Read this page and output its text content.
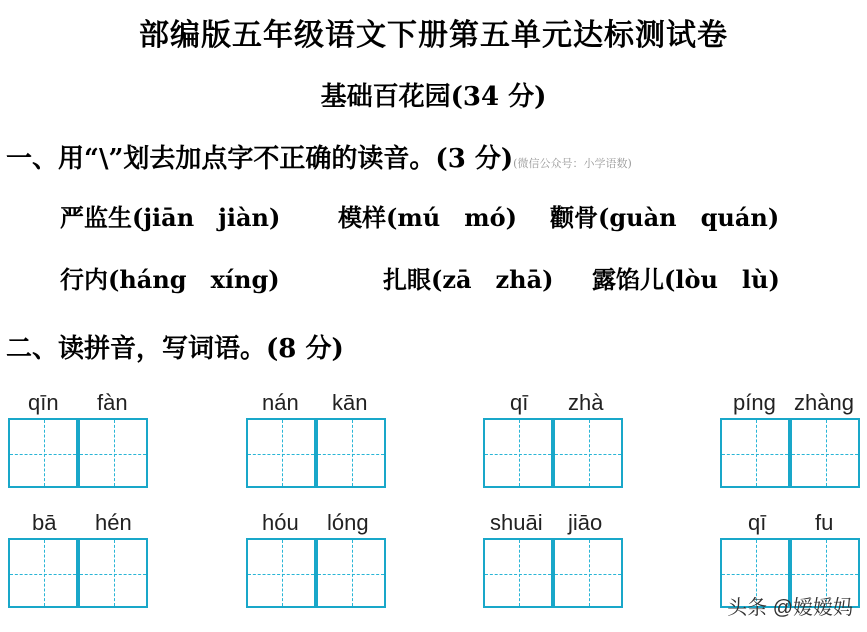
部编版五年级语文下册第五单元达标测试卷
基础百花园(34 分)
一、用“\”划去加点字不正确的读音。(3 分)(微信公众号：小学语数)
严监生(jiān　jiàn) 模样(mú　mó) 颧骨(guàn　quán)
行内(háng　xíng)	扎眼(zā　zhā) 露馅儿(lòu　lù)
二、读拼音，写词语。(8 分)
qīn fàn	nán kān	qī zhà	píng zhàng
bā hén	hóu lóng	shuāi jiāo	qī fu
头条 @嫒嫒妈
